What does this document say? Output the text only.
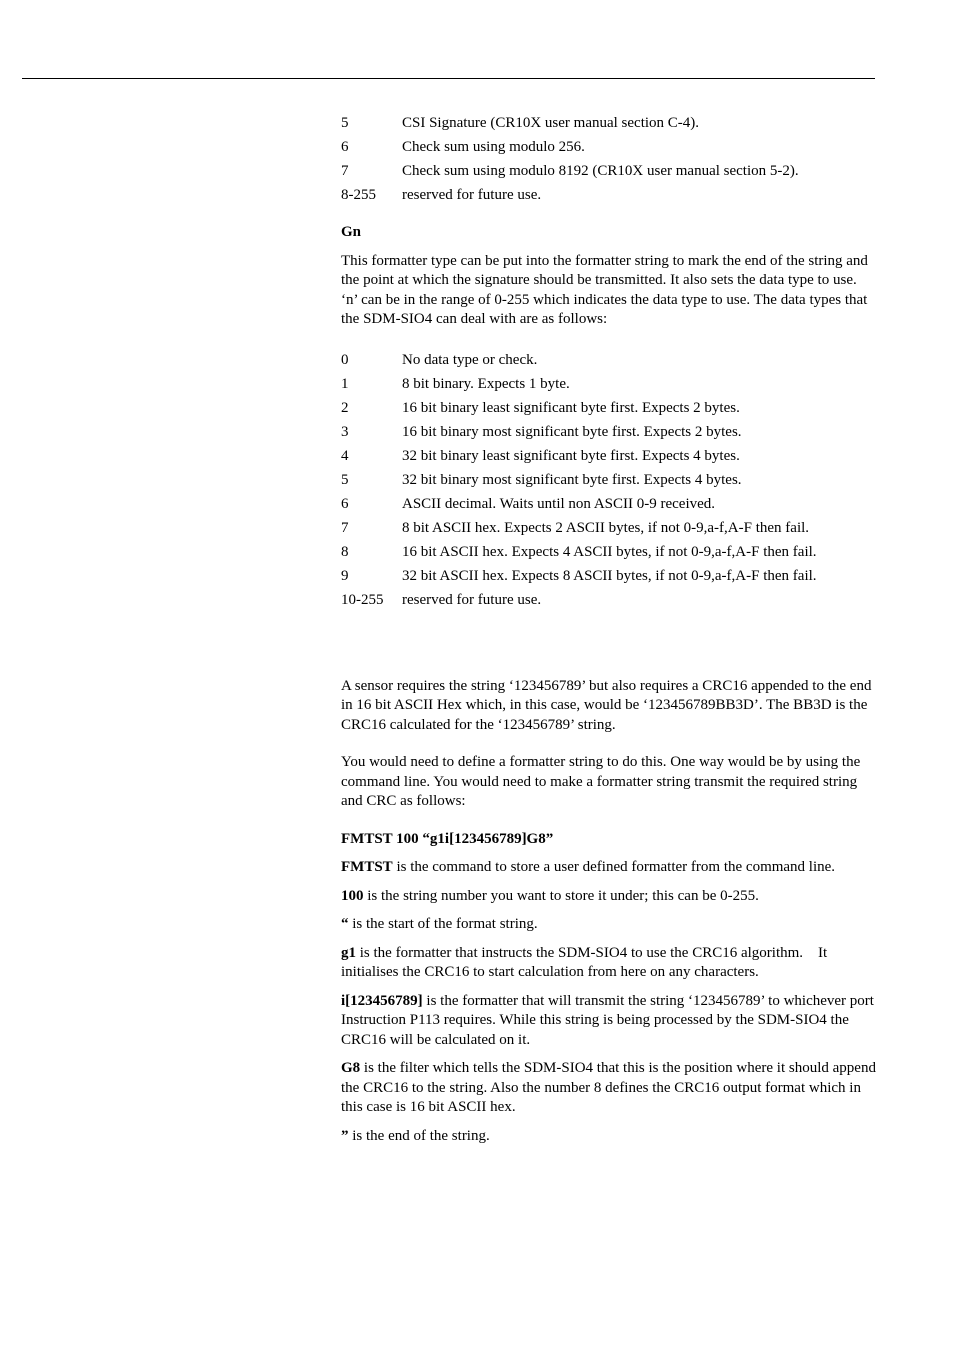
5	CSI Signature (CR10X user manual section C-4).
6	Check sum using modulo 256.
7	Check sum using modulo 8192 (CR10X user manual section 5-2).
8-255	reserved for future use.

Gn

This formatter type can be put into the formatter string to mark the end of the string and the point at which the signature should be transmitted. It also sets the data type to use. ‘n’ can be in the range of 0-255 which indicates the data type to use. The data types that the SDM-SIO4 can deal with are as follows:

0	No data type or check.
1	8 bit binary. Expects 1 byte.
2	16 bit binary least significant byte first. Expects 2 bytes.
3	16 bit binary most significant byte first. Expects 2 bytes.
4	32 bit binary least significant byte first. Expects 4 bytes.
5	32 bit binary most significant byte first. Expects 4 bytes.
6	ASCII decimal. Waits until non ASCII 0-9 received.
7	8 bit ASCII hex. Expects 2 ASCII bytes, if not 0-9,a-f,A-F then fail.
8	16 bit ASCII hex. Expects 4 ASCII bytes, if not 0-9,a-f,A-F then fail.
9	32 bit ASCII hex. Expects 8 ASCII bytes, if not 0-9,a-f,A-F then fail.
10-255	reserved for future use.

A sensor requires the string ‘123456789’ but also requires a CRC16 appended to the end in 16 bit ASCII Hex which, in this case, would be ‘123456789BB3D’. The BB3D is the CRC16 calculated for the ‘123456789’ string.

You would need to define a formatter string to do this. One way would be by using the command line. You would need to make a formatter string transmit the required string and CRC as follows:

FMTST 100 “g1i[123456789]G8”

FMTST is the command to store a user defined formatter from the command line.

100 is the string number you want to store it under; this can be 0-255.

“ is the start of the format string.

g1 is the formatter that instructs the SDM-SIO4 to use the CRC16 algorithm.    It initialises the CRC16 to start calculation from here on any characters.

i[123456789] is the formatter that will transmit the string ‘123456789’ to whichever port Instruction P113 requires. While this string is being processed by the SDM-SIO4 the CRC16 will be calculated on it.

G8 is the filter which tells the SDM-SIO4 that this is the position where it should append the CRC16 to the string. Also the number 8 defines the CRC16 output format which in this case is 16 bit ASCII hex.

” is the end of the string.
